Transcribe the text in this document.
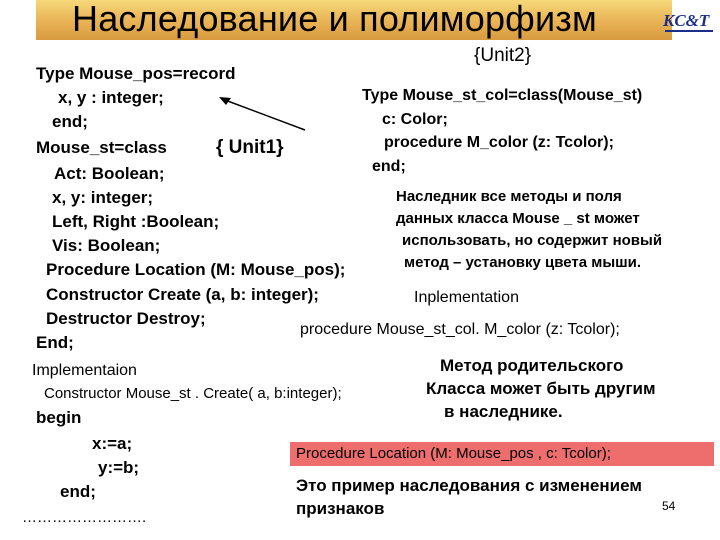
Наследование и полиморфизм	KC&T
Type Mouse_pos=record
x, y : integer;
end;
Mouse_st=class	{ Unit1}
Act: Boolean;
x, y: integer;
Left, Right :Boolean;
Vis: Boolean;
Procedure Location (M: Mouse_pos);
Constructor Create (a, b: integer);
Destructor Destroy;
End;
Implementaion
Constructor Mouse_st . Create( a, b:integer);
begin
x:=a;
y:=b;
end;
…………………….
{Unit2}
Type Mouse_st_col=class(Mouse_st)
c: Color;
procedure M_color (z: Tcolor);
end;
Наследник все методы и поля
данных класса Mouse _ st может
использовать, но содержит новый
метод – установку цвета мыши.
Inplementation
procedure Mouse_st_col. M_color (z: Tcolor);
Метод родительского
Класса может быть другим
в наследнике.
Procedure Location (M: Mouse_pos , c: Tcolor);
Это пример наследования с изменением
признаков	54
